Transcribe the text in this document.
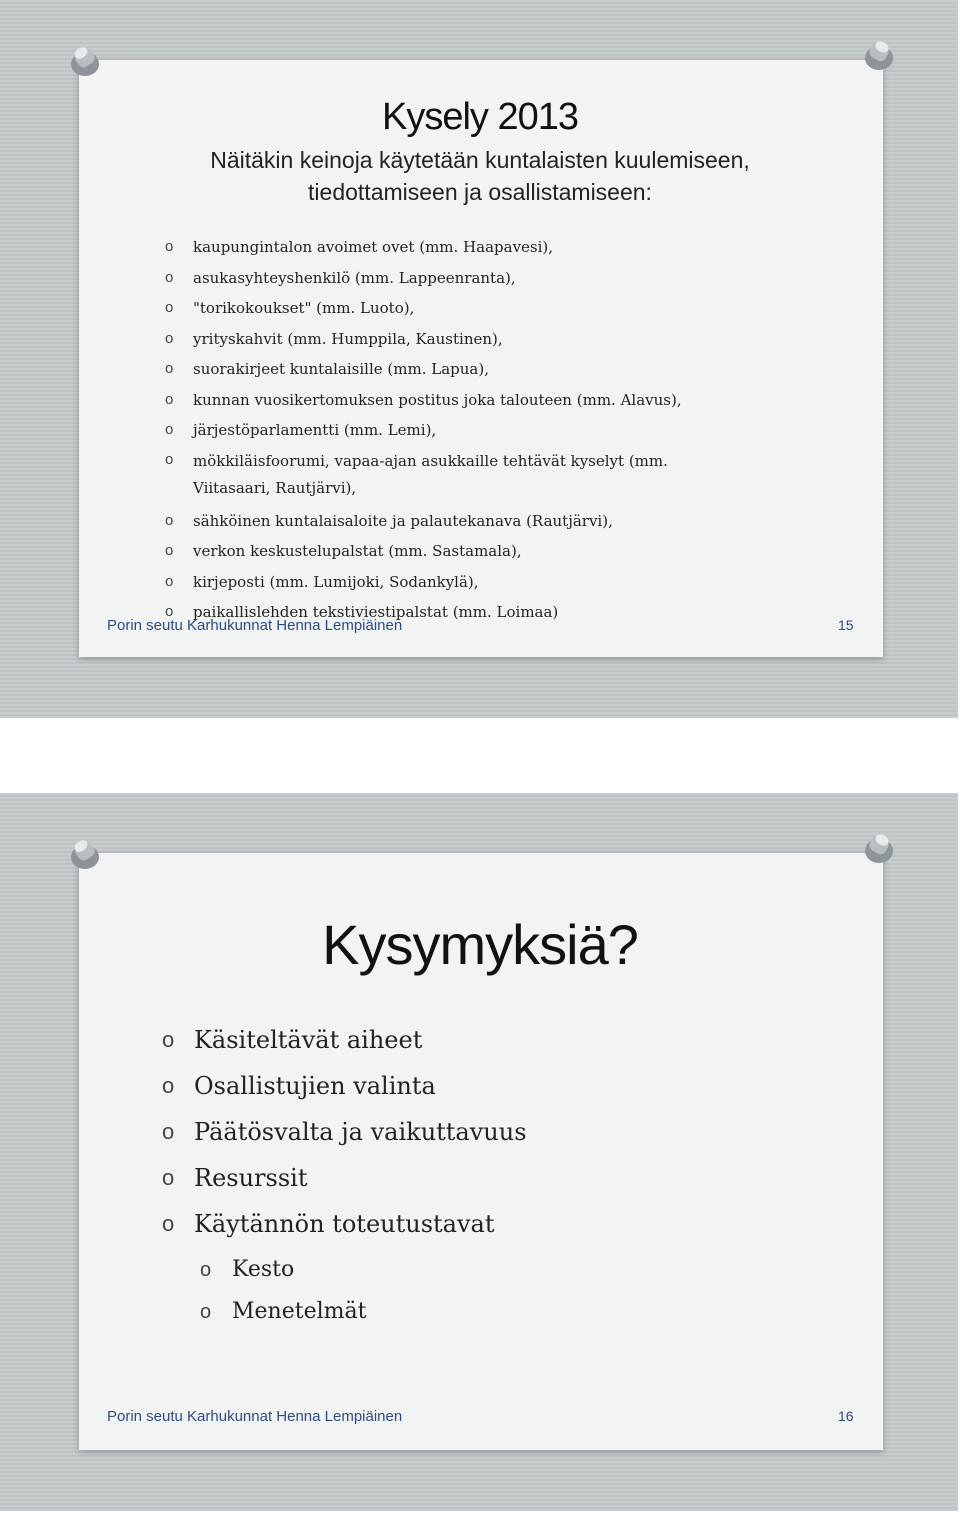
Kysely 2013
Näitäkin keinoja käytetään kuntalaisten kuulemiseen,
tiedottamiseen ja osallistamiseen:
o kaupungintalon avoimet ovet (mm. Haapavesi),
o asukasyhteyshenkilö (mm. Lappeenranta),
o "torikokoukset" (mm. Luoto),
o yrityskahvit (mm. Humppila, Kaustinen),
o suorakirjeet kuntalaisille (mm. Lapua),
o kunnan vuosikertomuksen postitus joka talouteen (mm. Alavus),
o järjestöparlamentti (mm. Lemi),
o mökkiläisfoorumi, vapaa-ajan asukkaille tehtävät kyselyt (mm.
Viitasaari, Rautjärvi),
o sähköinen kuntalaisaloite ja palautekanava (Rautjärvi),
o verkon keskustelupalstat (mm. Sastamala),
o kirjeposti (mm. Lumijoki, Sodankylä),
o paikallislehden tekstiviestipalstat (mm. Loimaa)
Porin seutu Karhukunnat Henna Lempiäinen	15
Kysymyksiä?
o Käsiteltävät aiheet
o Osallistujien valinta
o Päätösvalta ja vaikuttavuus
o Resurssit
o Käytännön toteutustavat
o Kesto
o Menetelmät
Porin seutu Karhukunnat Henna Lempiäinen	16
